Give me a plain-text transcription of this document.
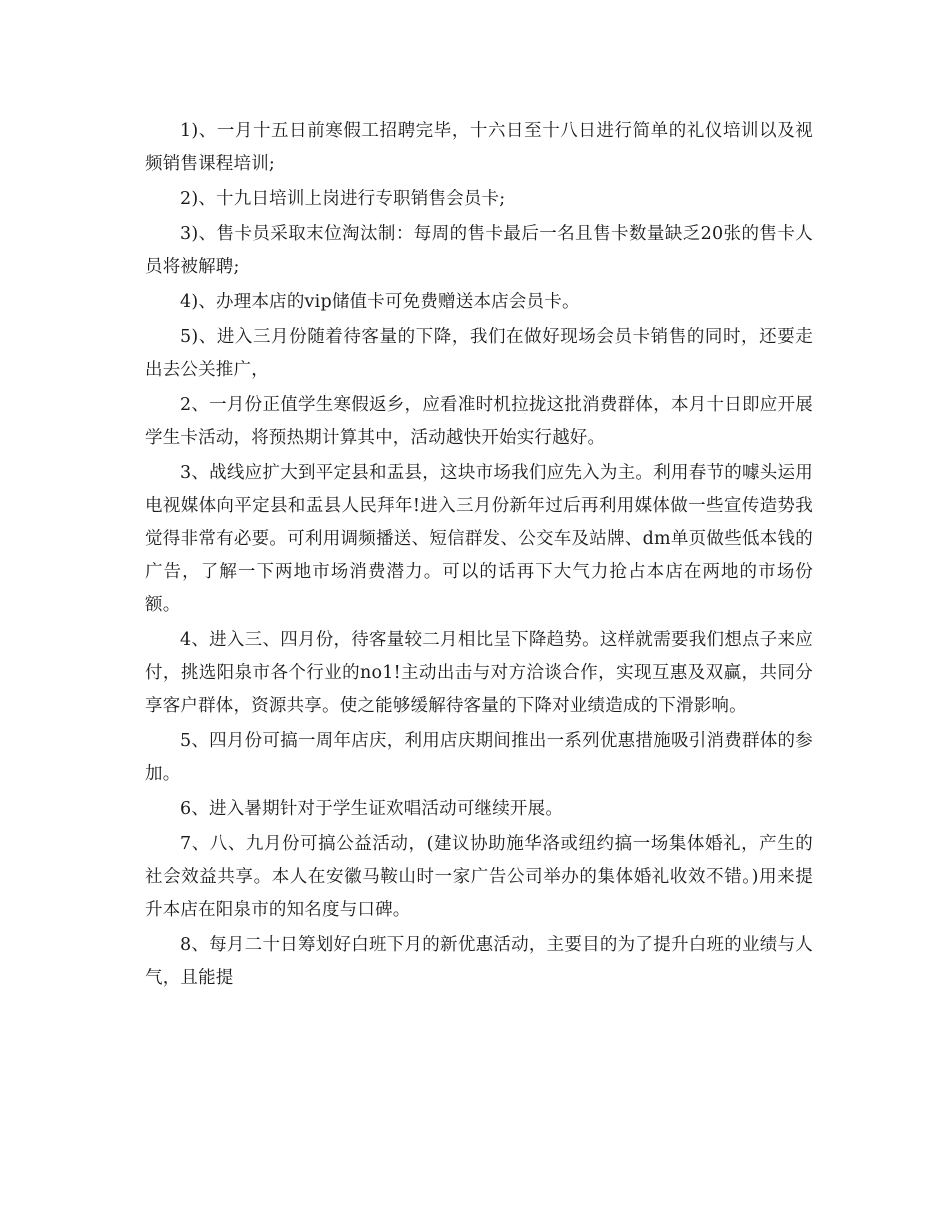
1)、一月十五日前寒假工招聘完毕，十六日至十八日进行简单的礼仪培训以及视频销售课程培训;

2)、十九日培训上岗进行专职销售会员卡;

3)、售卡员采取末位淘汰制：每周的售卡最后一名且售卡数量缺乏20张的售卡人员将被解聘;

4)、办理本店的vip储值卡可免费赠送本店会员卡。

5)、进入三月份随着待客量的下降，我们在做好现场会员卡销售的同时，还要走出去公关推广，

2、一月份正值学生寒假返乡，应看准时机拉拢这批消费群体，本月十日即应开展学生卡活动，将预热期计算其中，活动越快开始实行越好。

3、战线应扩大到平定县和盂县，这块市场我们应先入为主。利用春节的噱头运用电视媒体向平定县和盂县人民拜年!进入三月份新年过后再利用媒体做一些宣传造势我觉得非常有必要。可利用调频播送、短信群发、公交车及站牌、dm单页做些低本钱的广告，了解一下两地市场消费潜力。可以的话再下大气力抢占本店在两地的市场份额。

4、进入三、四月份，待客量较二月相比呈下降趋势。这样就需要我们想点子来应付，挑选阳泉市各个行业的no1!主动出击与对方洽谈合作，实现互惠及双赢，共同分享客户群体，资源共享。使之能够缓解待客量的下降对业绩造成的下滑影响。

5、四月份可搞一周年店庆，利用店庆期间推出一系列优惠措施吸引消费群体的参加。

6、进入暑期针对于学生证欢唱活动可继续开展。

7、八、九月份可搞公益活动，(建议协助施华洛或纽约搞一场集体婚礼，产生的社会效益共享。本人在安徽马鞍山时一家广告公司举办的集体婚礼收效不错。)用来提升本店在阳泉市的知名度与口碑。

8、每月二十日筹划好白班下月的新优惠活动，主要目的为了提升白班的业绩与人气，且能提
